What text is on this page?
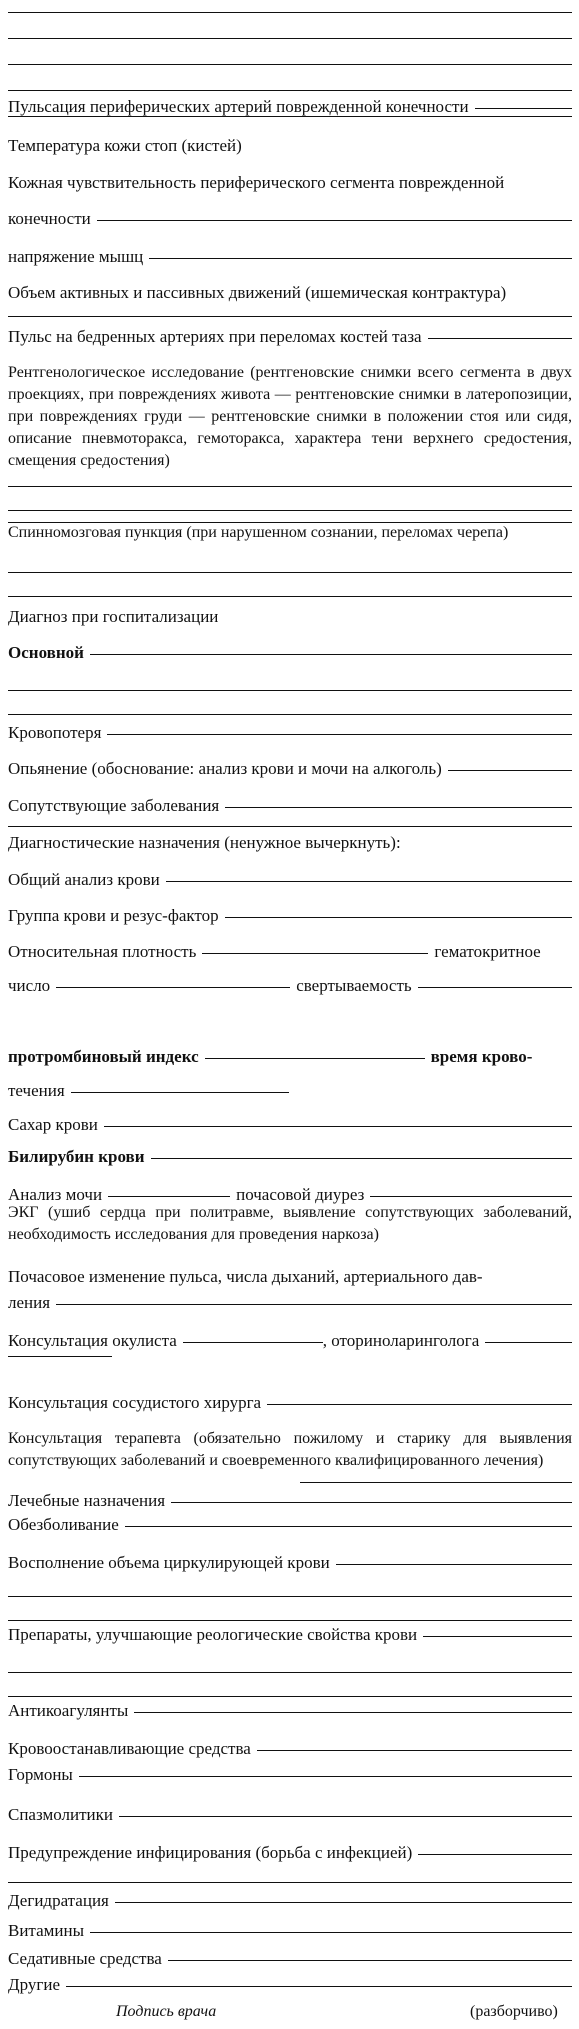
Пульсация периферических артерий поврежденной конечности
Температура кожи стоп (кистей)
Кожная чувствительность периферического сегмента поврежденной
конечности
напряжение мышц
Объем активных и пассивных движений (ишемическая контрактура)
Пульс на бедренных артериях при переломах костей таза
Рентгенологическое исследование (рентгеновские снимки всего сегмента в двух проекциях, при повреждениях живота — рентгеновские снимки в латеропозиции, при повреждениях груди — рентгеновские снимки в положении стоя или сидя, описание пневмоторакса, гемоторакса, характера тени верхнего средостения, смещения средостения)
Спинномозговая пункция (при нарушенном сознании, переломах черепа)
Диагноз при госпитализации
Основной
Кровопотеря
Опьянение (обоснование: анализ крови и мочи на алкоголь)
Сопутствующие заболевания
Диагностические назначения (ненужное вычеркнуть):
Общий анализ крови
Группа крови и резус-фактор
Относительная плотность	гематокритное
число	свертываемость
протромбиновый индекс	время крово-
течения
Сахар крови
Билирубин крови
Анализ мочи	почасовой диурез
ЭКГ (ушиб сердца при политравме, выявление сопутствующих заболеваний, необходимость исследования для проведения наркоза)
Почасовое изменение пульса, числа дыханий, артериального дав-
ления
Консультация окулиста	, оториноларинголога
Консультация сосудистого хирурга
Консультация терапевта (обязательно пожилому и старику для выявления сопутствующих заболеваний и своевременного квалифицированного лечения)
Лечебные назначения
Обезболивание
Восполнение объема циркулирующей крови
Препараты, улучшающие реологические свойства крови
Антикоагулянты
Кровоостанавливающие средства
Гормоны
Спазмолитики
Предупреждение инфицирования (борьба с инфекцией)
Дегидратация
Витамины
Седативные средства
Другие
Подпись врача	(разборчиво)
